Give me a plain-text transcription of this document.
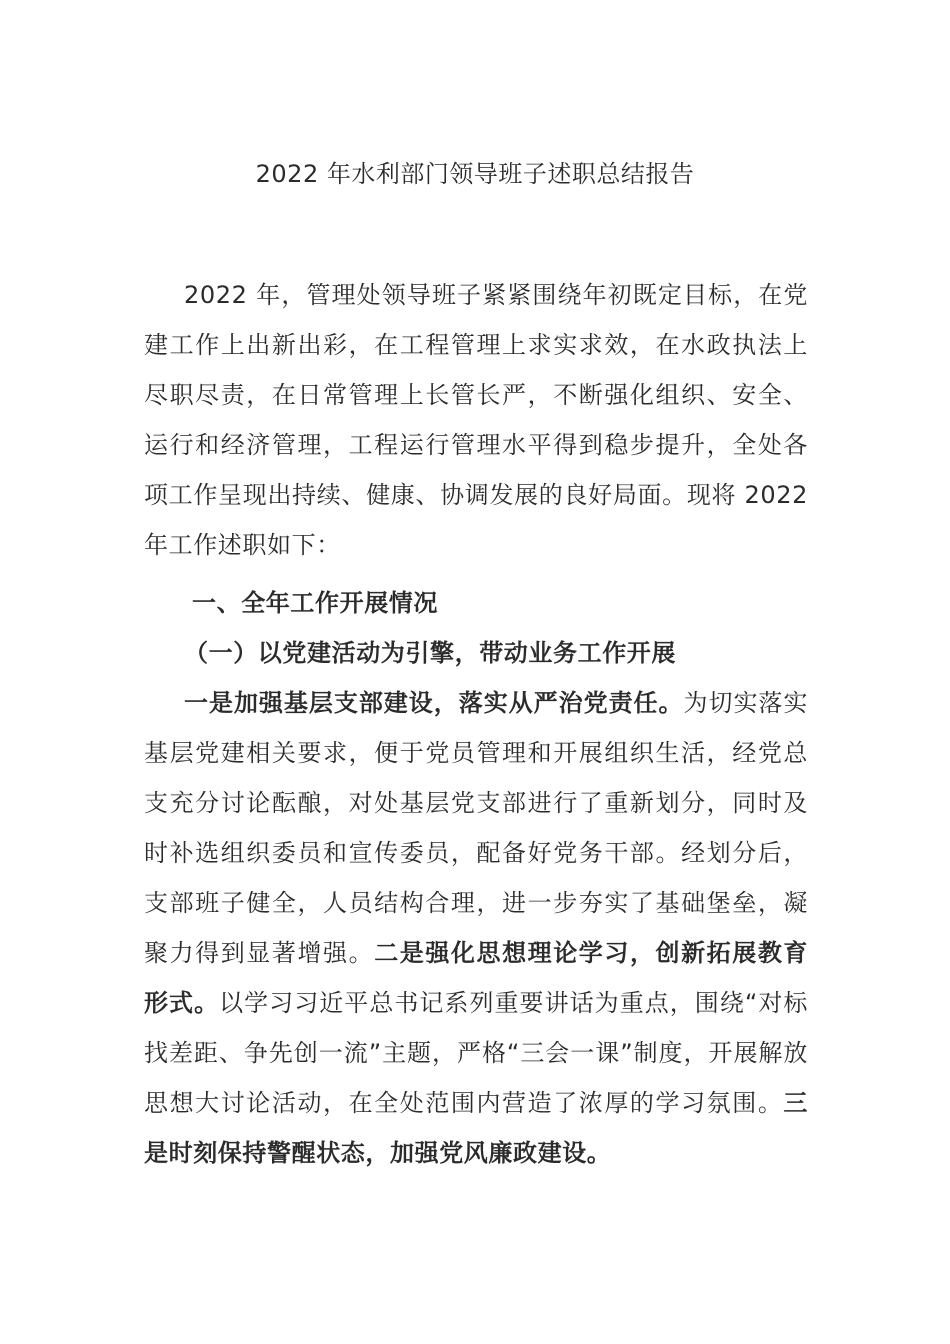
2022 年水利部门领导班子述职总结报告

2022 年，管理处领导班子紧紧围绕年初既定目标，在党建工作上出新出彩，在工程管理上求实求效，在水政执法上尽职尽责，在日常管理上长管长严，不断强化组织、安全、运行和经济管理，工程运行管理水平得到稳步提升，全处各项工作呈现出持续、健康、协调发展的良好局面。现将 2022 年工作述职如下：

一、全年工作开展情况

（一）以党建活动为引擎，带动业务工作开展

一是加强基层支部建设，落实从严治党责任。为切实落实基层党建相关要求，便于党员管理和开展组织生活，经党总支充分讨论酝酿，对处基层党支部进行了重新划分，同时及时补选组织委员和宣传委员，配备好党务干部。经划分后，支部班子健全，人员结构合理，进一步夯实了基础堡垒，凝聚力得到显著增强。二是强化思想理论学习，创新拓展教育形式。以学习习近平总书记系列重要讲话为重点，围绕“对标找差距、争先创一流”主题，严格“三会一课”制度，开展解放思想大讨论活动，在全处范围内营造了浓厚的学习氛围。三是时刻保持警醒状态，加强党风廉政建设。
